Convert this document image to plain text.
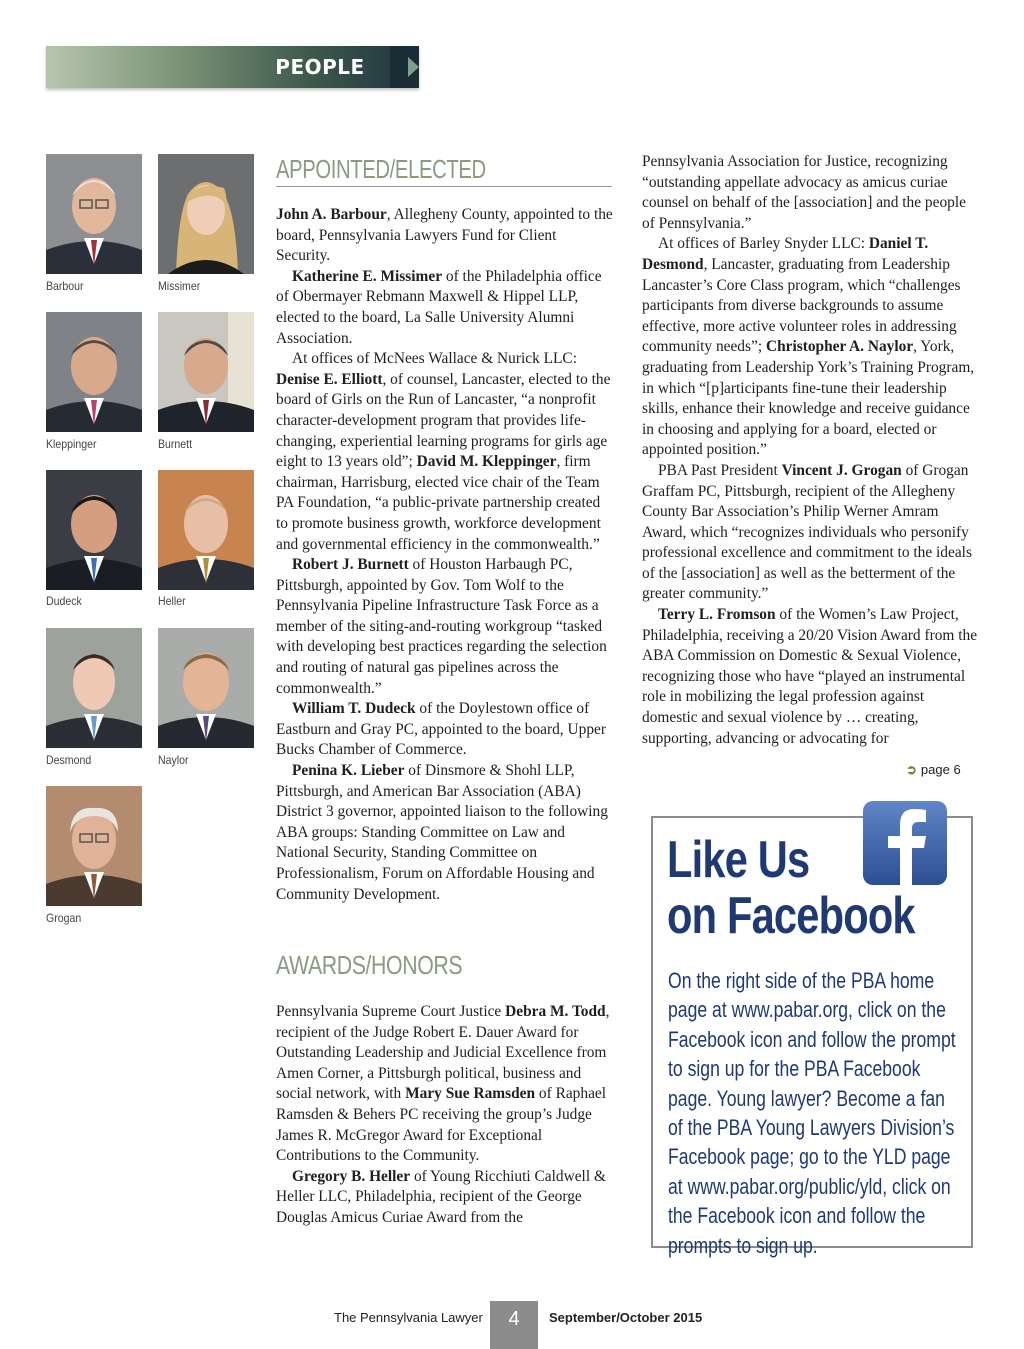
PEOPLE
Barbour	Missimer
Kleppinger	Burnett
Dudeck	Heller
Desmond	Naylor
Grogan
APPOINTED/ELECTED

John A. Barbour, Allegheny County, appointed to the board, Pennsylvania Lawyers Fund for Client Security.

Katherine E. Missimer of the Philadelphia office of Obermayer Rebmann Maxwell & Hippel LLP, elected to the board, La Salle University Alumni Association.

At offices of McNees Wallace & Nurick LLC: Denise E. Elliott, of counsel, Lancaster, elected to the board of Girls on the Run of Lancaster, “a nonprofit character-development program that provides life-changing, experiential learning programs for girls age eight to 13 years old”; David M. Kleppinger, firm chairman, Harrisburg, elected vice chair of the Team PA Foundation, “a public-private partnership created to promote business growth, workforce development and governmental efficiency in the commonwealth.”

Robert J. Burnett of Houston Harbaugh PC, Pittsburgh, appointed by Gov. Tom Wolf to the Pennsylvania Pipeline Infrastructure Task Force as a member of the siting-and-routing workgroup “tasked with developing best practices regarding the selection and routing of natural gas pipelines across the commonwealth.”

William T. Dudeck of the Doylestown office of Eastburn and Gray PC, appointed to the board, Upper Bucks Chamber of Commerce.

Penina K. Lieber of Dinsmore & Shohl LLP, Pittsburgh, and American Bar Association (ABA) District 3 governor, appointed liaison to the following ABA groups: Standing Committee on Law and National Security, Standing Committee on Professionalism, Forum on Affordable Housing and Community Development.

AWARDS/HONORS

Pennsylvania Supreme Court Justice Debra M. Todd, recipient of the Judge Robert E. Dauer Award for Outstanding Leadership and Judicial Excellence from Amen Corner, a Pittsburgh political, business and social network, with Mary Sue Ramsden of Raphael Ramsden & Behers PC receiving the group’s Judge James R. McGregor Award for Exceptional Contributions to the Community.

Gregory B. Heller of Young Ricchiuti Caldwell & Heller LLC, Philadelphia, recipient of the George Douglas Amicus Curiae Award from the

Pennsylvania Association for Justice, recognizing “outstanding appellate advocacy as amicus curiae counsel on behalf of the [association] and the people of Pennsylvania.”

At offices of Barley Snyder LLC: Daniel T. Desmond, Lancaster, graduating from Leadership Lancaster’s Core Class program, which “challenges participants from diverse backgrounds to assume effective, more active volunteer roles in addressing community needs”; Christopher A. Naylor, York, graduating from Leadership York’s Training Program, in which “[p]articipants fine-tune their leadership skills, enhance their knowledge and receive guidance in choosing and applying for a board, elected or appointed position.”

PBA Past President Vincent J. Grogan of Grogan Graffam PC, Pittsburgh, recipient of the Allegheny County Bar Association’s Philip Werner Amram Award, which “recognizes individuals who personify professional excellence and commitment to the ideals of the [association] as well as the betterment of the greater community.”

Terry L. Fromson of the Women’s Law Project, Philadelphia, receiving a 20/20 Vision Award from the ABA Commission on Domestic & Sexual Violence, recognizing those who have “played an instrumental role in mobilizing the legal profession against domestic and sexual violence by … creating, supporting, advancing or advocating for

➲ page 6
Like Us
on Facebook
On the right side of the PBA home page at www.pabar.org, click on the Facebook icon and follow the prompt to sign up for the PBA Facebook page. Young lawyer? Become a fan of the PBA Young Lawyers Division’s Facebook page; go to the YLD page at www.pabar.org/public/yld, click on the Facebook icon and follow the prompts to sign up.
The Pennsylvania Lawyer	4	September/October 2015
